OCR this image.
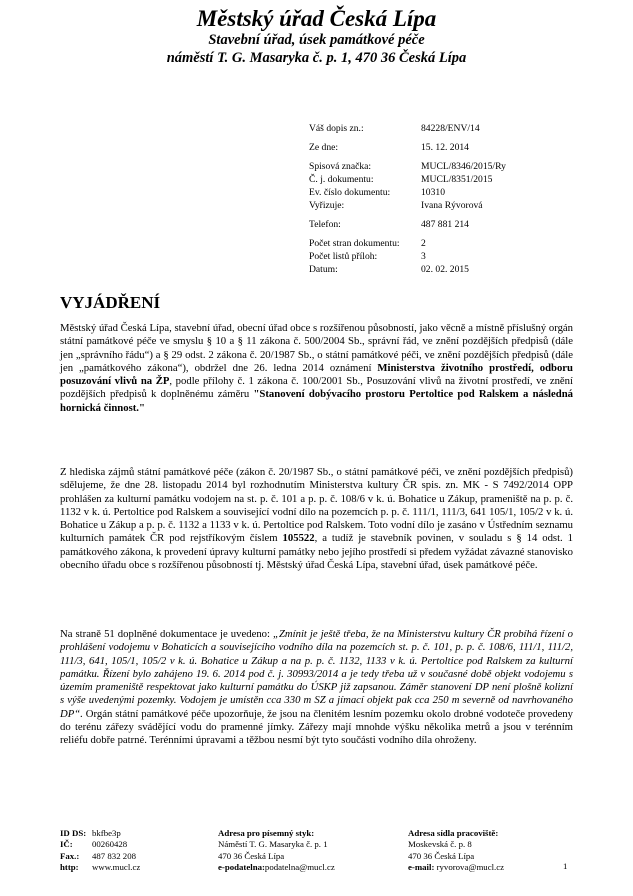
Městský úřad Česká Lípa

Stavební úřad, úsek památkové péče

náměstí T. G. Masaryka č. p. 1, 470 36 Česká Lípa

Váš dopis zn.:	84228/ENV/14
Ze dne:	15. 12. 2014
Spisová značka:	MUCL/8346/2015/Ry
Č. j. dokumentu:	MUCL/8351/2015
Ev. číslo dokumentu:	10310
Vyřizuje:	Ivana Rývorová
Telefon:	487 881 214
Počet stran dokumentu:	2
Počet listů příloh:	3
Datum:	02. 02. 2015
VYJÁDŘENÍ

Městský úřad Česká Lípa, stavební úřad, obecní úřad obce s rozšířenou působností, jako věcně a místně příslušný orgán státní památkové péče ve smyslu § 10 a § 11 zákona č. 500/2004 Sb., správní řád, ve znění pozdějších předpisů (dále jen „správního řádu“) a § 29 odst. 2 zákona č. 20/1987 Sb., o státní památkové péči, ve znění pozdějších předpisů (dále jen „památkového zákona“), obdržel dne 26. ledna 2014 oznámení Ministerstva životního prostředí, odboru posuzování vlivů na ŽP, podle přílohy č. 1 zákona č. 100/2001 Sb., Posuzování vlivů na životní prostředí, ve znění pozdějších předpisů k doplněnému záměru "Stanovení dobývacího prostoru Pertoltice pod Ralskem a následná hornická činnost."

Z hlediska zájmů státní památkové péče (zákon č. 20/1987 Sb., o státní památkové péči, ve znění pozdějších předpisů) sdělujeme, že dne 28. listopadu 2014 byl rozhodnutím Ministerstva kultury ČR spis. zn. MK - S 7492/2014 OPP prohlášen za kulturní památku vodojem na st. p. č. 101 a p. p. č. 108/6 v k. ú. Bohatice u Zákup, prameniště na p. p. č. 1132 v k. ú. Pertoltice pod Ralskem a související vodní dílo na pozemcích p. p. č. 111/1, 111/3, 641 105/1, 105/2 v k. ú. Bohatice u Zákup a p. p. č. 1132 a 1133 v k. ú. Pertoltice pod Ralskem. Toto vodní dílo je zasáno v Ústředním seznamu kulturních památek ČR pod rejstříkovým číslem 105522, a tudíž je stavebník povinen, v souladu s § 14 odst. 1 památkového zákona, k provedení úpravy kulturní památky nebo jejího prostředí si předem vyžádat závazné stanovisko obecního úřadu obce s rozšířenou působností tj. Městský úřad Česká Lípa, stavební úřad, úsek památkové péče.

Na straně 51 doplněné dokumentace je uvedeno: „Zmínit je ještě třeba, že na Ministerstvu kultury ČR probíhá řízení o prohlášení vodojemu v Bohaticích a souvisejícího vodního díla na pozemcích st. p. č. 101, p. p. č. 108/6, 111/1, 111/2, 111/3, 641, 105/1, 105/2 v k. ú. Bohatice u Zákup a na p. p. č. 1132, 1133 v k. ú. Pertoltice pod Ralskem za kulturní památku. Řízení bylo zahájeno 19. 6. 2014 pod č. j. 30993/2014 a je tedy třeba už v současné době objekt vodojemu s územím prameniště respektovat jako kulturní památku do ÚSKP již zapsanou. Záměr stanovení DP není plošně kolizní s výše uvedenými pozemky. Vodojem je umístěn cca 330 m SZ a jímací objekt pak cca 250 m severně od navrhovaného DP“. Orgán státní památkové péče upozorňuje, že jsou na členitém lesním pozemku okolo drobné vodoteče provedeny do terénu zářezy svádějící vodu do pramenné jímky. Zářezy mají mnohde výšku několika metrů a jsou v terénním reliéfu dobře patrné. Terénními úpravami a těžbou nesmí být tyto součásti vodního díla ohroženy.

ID DS: bkfbe3p
IČ:	00260428
Fax.:	487 832 208
http:	www.mucl.cz
Adresa pro písemný styk:
Náměstí T. G. Masaryka č. p. 1
470 36 Česká Lípa
e-podatelna: podatelna@mucl.cz
Adresa sídla pracoviště:
Moskevská č. p. 8
470 36 Česká Lípa
e-mail:
ryvorova@mucl.cz	1
